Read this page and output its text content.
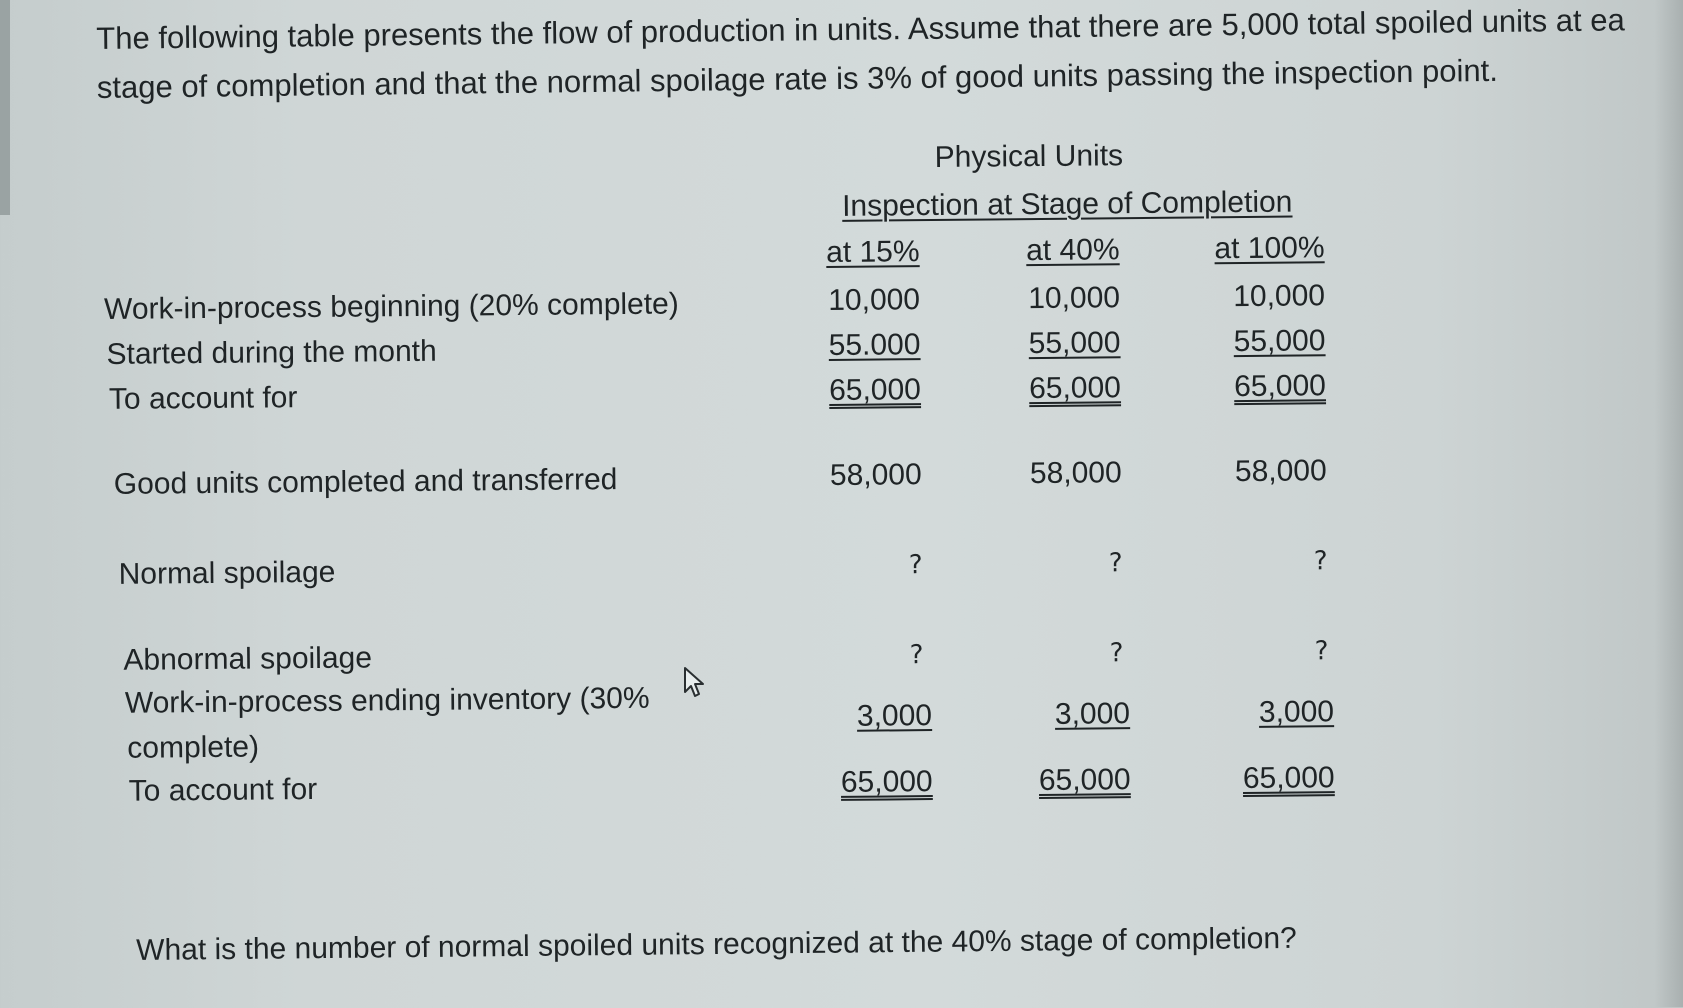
The following table presents the flow of production in units. Assume that there are 5,000 total spoiled units at ea
stage of completion and that the normal spoilage rate is 3% of good units passing the inspection point.
Physical Units
Inspection at Stage of Completion
at 15%	at 40%	at 100%
Work-in-process beginning (20% complete)	10,000	10,000	10,000
Started during the month	55.000	55,000	55,000
To account for	65,000	65,000	65,000
Good units completed and transferred	58,000	58,000	58,000
Normal spoilage	?	?	?
Abnormal spoilage	?	?	?
Work-in-process ending inventory (30%
complete)
3,000	3,000	3,000
To account for	65,000	65,000	65,000
What is the number of normal spoiled units recognized at the 40% stage of completion?
